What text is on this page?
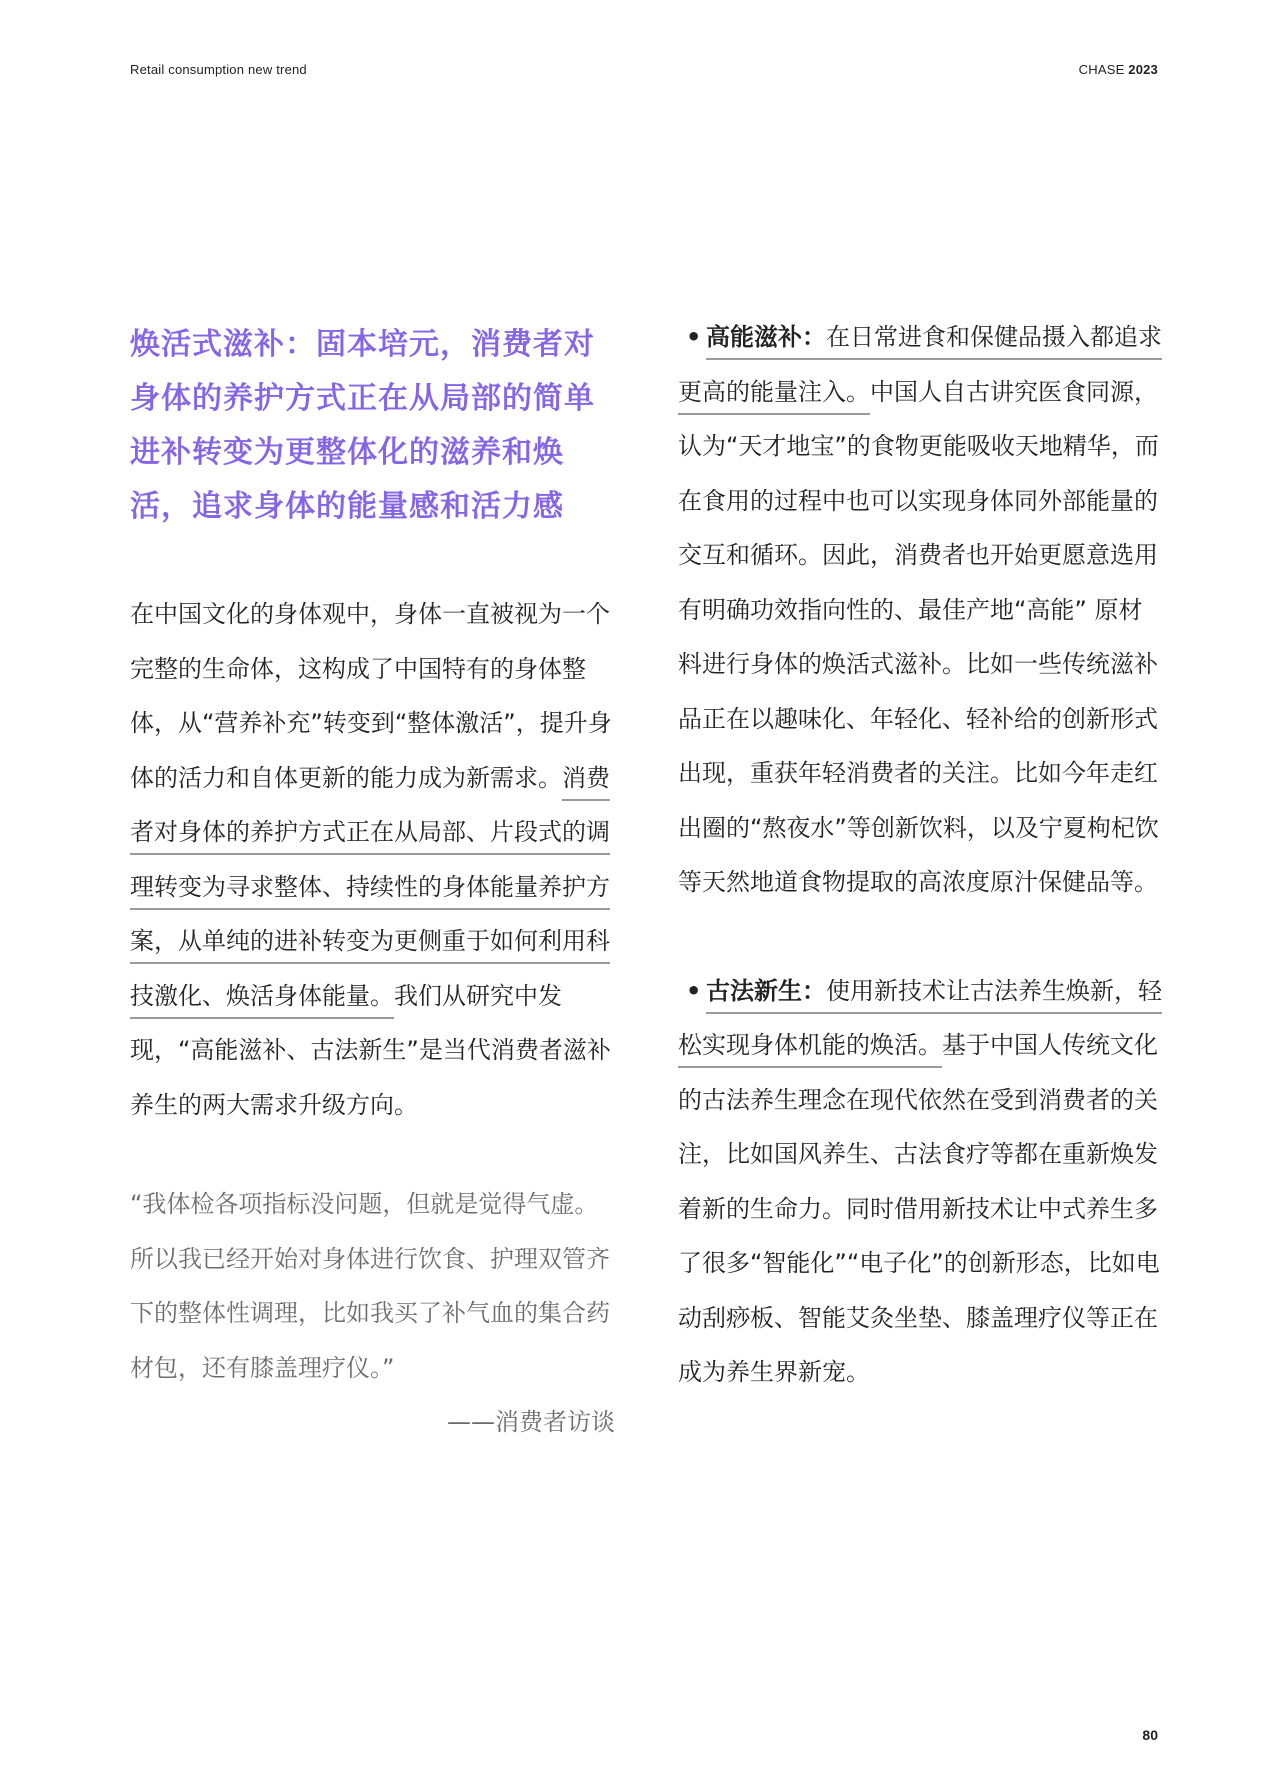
Retail consumption new trend	CHASE 2023

焕活式滋补：固本培元，消费者对身体的养护方式正在从局部的简单进补转变为更整体化的滋养和焕活，追求身体的能量感和活力感

在中国文化的身体观中，身体一直被视为一个完整的生命体，这构成了中国特有的身体整体，从“营养补充”转变到“整体激活”，提升身体的活力和自体更新的能力成为新需求。消费者对身体的养护方式正在从局部、片段式的调理转变为寻求整体、持续性的身体能量养护方案，从单纯的进补转变为更侧重于如何利用科技激化、焕活身体能量。我们从研究中发现，“高能滋补、古法新生”是当代消费者滋补养生的两大需求升级方向。

“我体检各项指标没问题，但就是觉得气虚。所以我已经开始对身体进行饮食、护理双管齐下的整体性调理，比如我买了补气血的集合药材包，还有膝盖理疗仪。”
——消费者访谈

• 高能滋补：在日常进食和保健品摄入都追求更高的能量注入。中国人自古讲究医食同源，认为“天才地宝”的食物更能吸收天地精华，而在食用的过程中也可以实现身体同外部能量的交互和循环。因此，消费者也开始更愿意选用有明确功效指向性的、最佳产地“高能” 原材料进行身体的焕活式滋补。比如一些传统滋补品正在以趣味化、年轻化、轻补给的创新形式出现，重获年轻消费者的关注。比如今年走红出圈的“熬夜水”等创新饮料，以及宁夏枸杞饮等天然地道食物提取的高浓度原汁保健品等。

• 古法新生：使用新技术让古法养生焕新，轻松实现身体机能的焕活。基于中国人传统文化的古法养生理念在现代依然在受到消费者的关注，比如国风养生、古法食疗等都在重新焕发着新的生命力。同时借用新技术让中式养生多了很多“智能化”“电子化”的创新形态，比如电动刮痧板、智能艾灸坐垫、膝盖理疗仪等正在成为养生界新宠。

80
